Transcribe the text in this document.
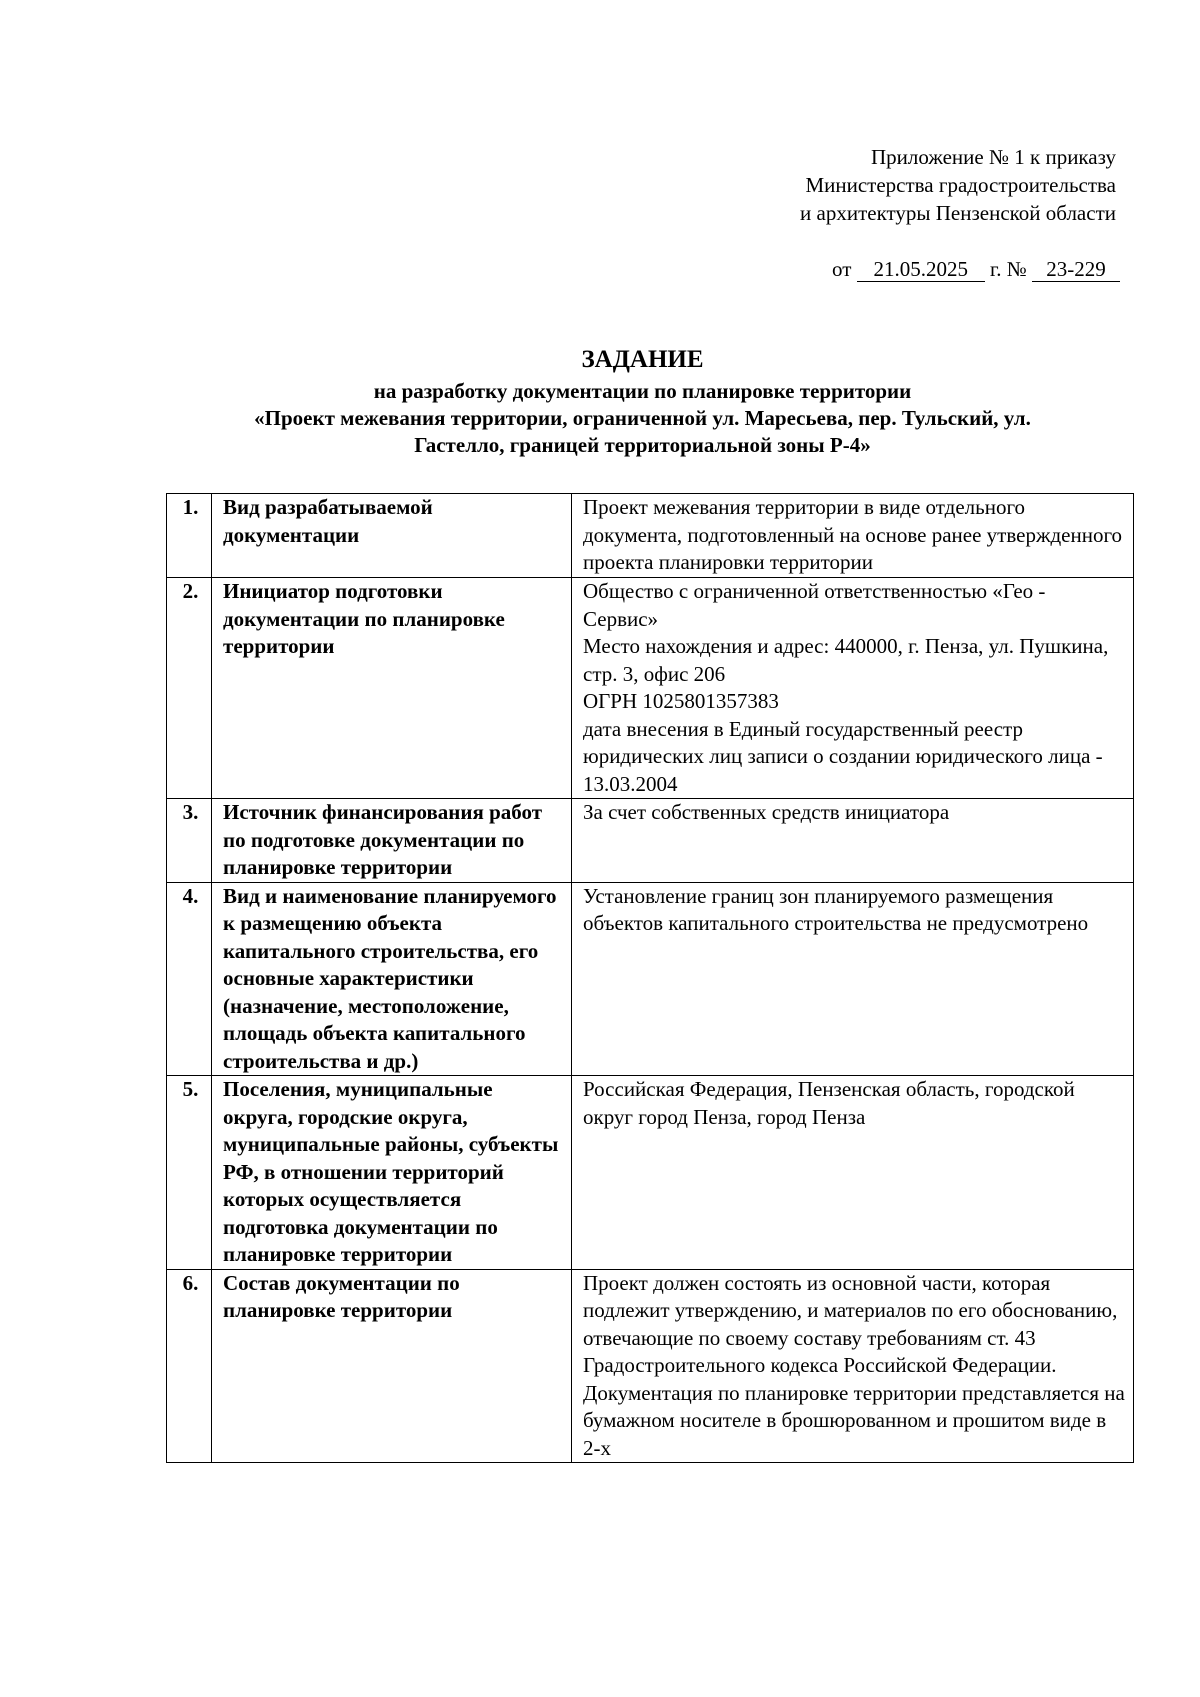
Приложение № 1 к приказу
Министерства градостроительства
и архитектуры Пензенской области
от 21.05.2025 г. № 23-229
ЗАДАНИЕ
на разработку документации по планировке территории
«Проект межевания территории, ограниченной ул. Маресьева, пер. Тульский, ул.
Гастелло, границей территориальной зоны Р-4»
1.	Вид разрабатываемой документации	Проект межевания территории в виде отдельного документа, подготовленный на основе ранее утвержденного проекта планировки территории

2.	Инициатор подготовки документации по планировке территории	Общество с ограниченной ответственностью «Гео - Сервис»
Место нахождения и адрес: 440000, г. Пенза, ул. Пушкина, стр. 3, офис 206
ОГРН 1025801357383
дата внесения в Единый государственный реестр юридических лиц записи о создании юридического лица - 13.03.2004

3.	Источник финансирования работ по подготовке документации по планировке территории	За счет собственных средств инициатора

4.	Вид и наименование планируемого к размещению объекта капитального строительства, его основные характеристики (назначение, местоположение, площадь объекта капитального строительства и др.)	Установление границ зон планируемого размещения объектов капитального строительства не предусмотрено

5.	Поселения, муниципальные округа, городские округа, муниципальные районы, субъекты РФ, в отношении территорий которых осуществляется подготовка документации по планировке территории	Российская Федерация, Пензенская область, городской округ город Пенза, город Пенза

6.	Состав документации по планировке территории	Проект должен состоять из основной части, которая подлежит утверждению, и материалов по его обоснованию, отвечающие по своему составу требованиям ст. 43 Градостроительного кодекса Российской Федерации.
Документация по планировке территории представляется на бумажном носителе в брошюрованном и прошитом виде в 2-х
